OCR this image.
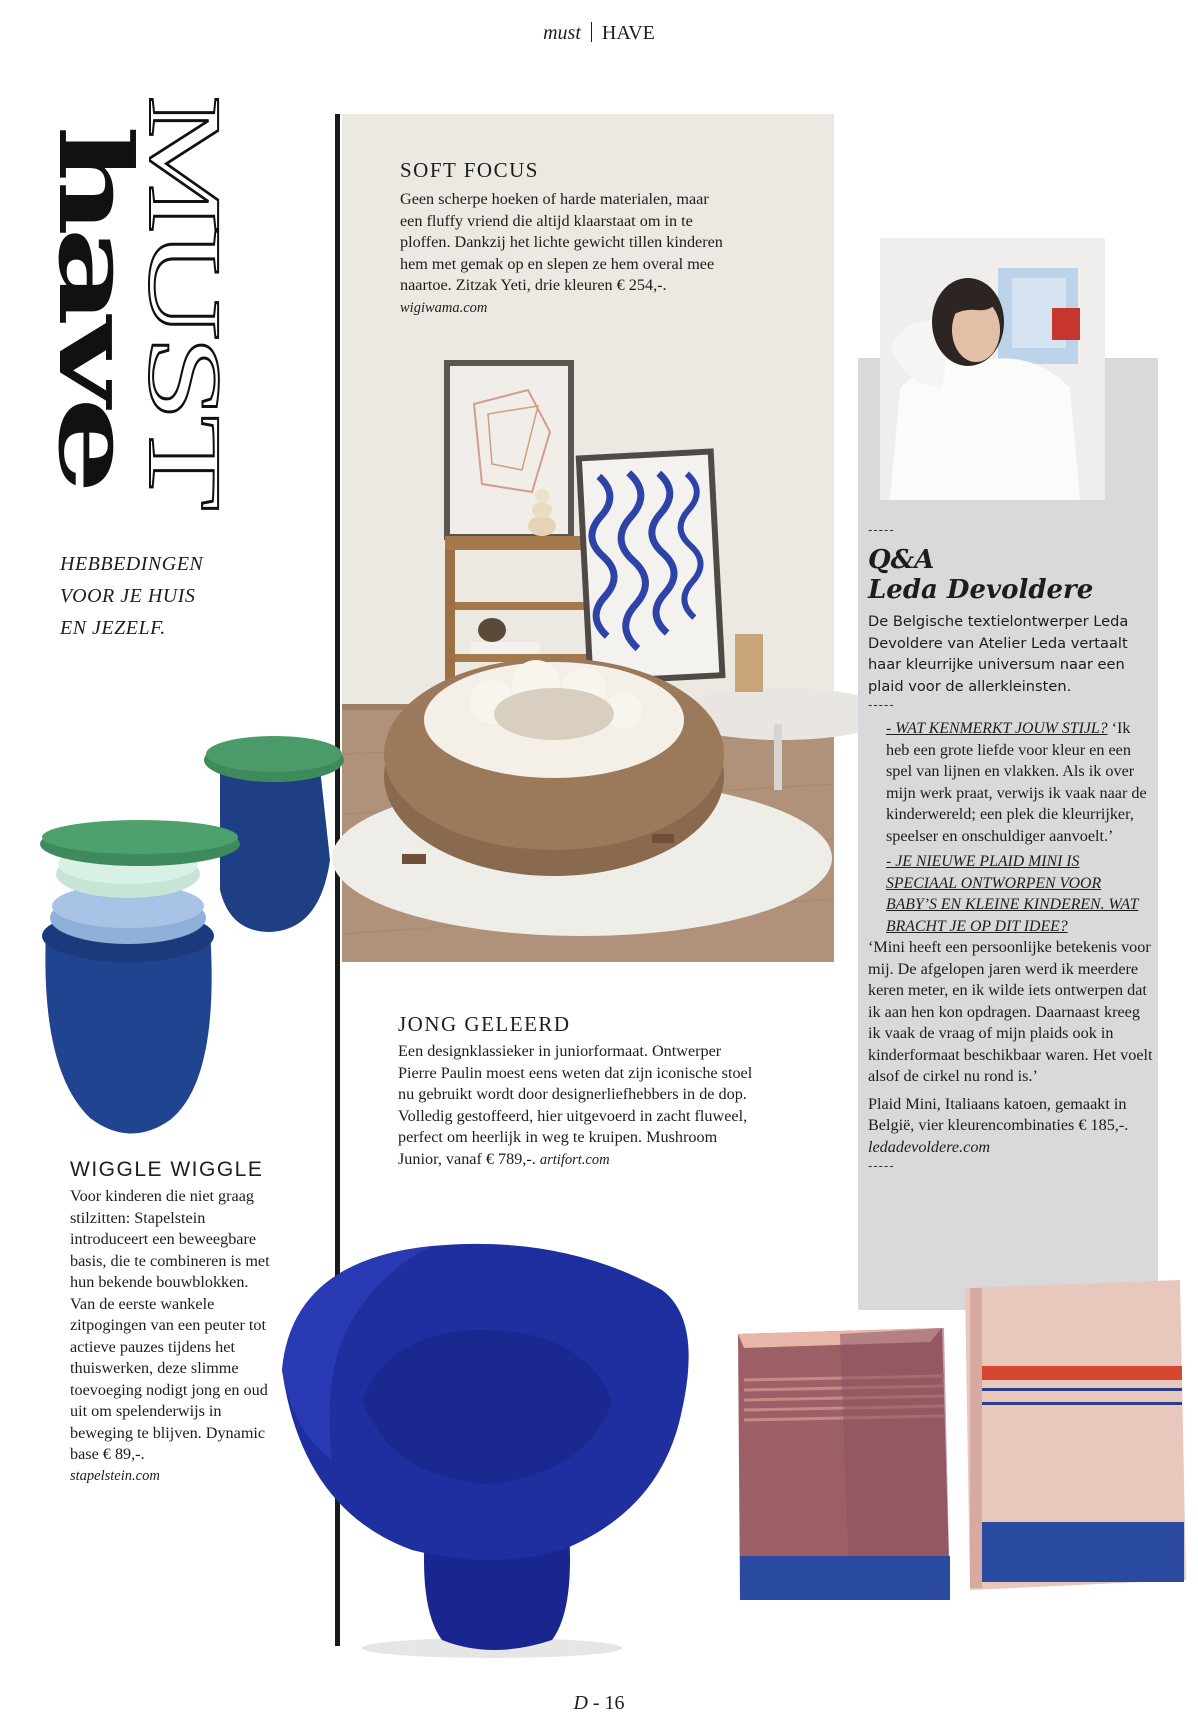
must HAVE
MUST
have
HEBBEDINGEN
VOOR JE HUIS
EN JEZELF.
SOFT FOCUS

Geen scherpe hoeken of harde materialen, maar een fluffy vriend die altijd klaarstaat om in te ploffen. Dankzij het lichte gewicht tillen kinderen hem met gemak op en slepen ze hem overal mee naartoe. Zitzak Yeti, drie kleuren € 254,-. wigiwama.com

WIGGLE WIGGLE

Voor kinderen die niet graag stilzitten: Stapelstein introduceert een beweegbare basis, die te combineren is met hun bekende bouwblokken.

Van de eerste wankele zitpogingen van een peuter tot actieve pauzes tijdens het thuiswerken, deze slimme toevoeging nodigt jong en oud uit om spelenderwijs in beweging te blijven. Dynamic base € 89,-.

stapelstein.com

JONG GELEERD

Een designklassieker in juniorformaat. Ontwerper Pierre Paulin moest eens weten dat zijn iconische stoel nu gebruikt wordt door designerliefhebbers in de dop. Volledig gestoffeerd, hier uitgevoerd in zacht fluweel, perfect om heerlijk in weg te kruipen. Mushroom Junior, vanaf € 789,-. artifort.com

-----
Q&A
Leda Devoldere

De Belgische textielontwerper Leda Devoldere van Atelier Leda vertaalt haar kleurrijke universum naar een plaid voor de allerkleinsten.

-----

- WAT KENMERKT JOUW STIJL? ‘Ik heb een grote liefde voor kleur en een spel van lijnen en vlakken. Als ik over mijn werk praat, verwijs ik vaak naar de kinderwereld; een plek die kleurrijker, speelser en onschuldiger aanvoelt.’

- JE NIEUWE PLAID MINI IS SPECIAAL ONTWORPEN VOOR BABY’S EN KLEINE KINDEREN. WAT BRACHT JE OP DIT IDEE?

‘Mini heeft een persoonlijke betekenis voor mij. De afgelopen jaren werd ik meerdere keren meter, en ik wilde iets ontwerpen dat ik aan hen kon opdragen. Daarnaast kreeg ik vaak de vraag of mijn plaids ook in kinderformaat beschikbaar waren. Het voelt alsof de cirkel nu rond is.’

Plaid Mini, Italiaans katoen, gemaakt in België, vier kleurencombinaties € 185,-.

ledadevoldere.com

-----
D - 16
